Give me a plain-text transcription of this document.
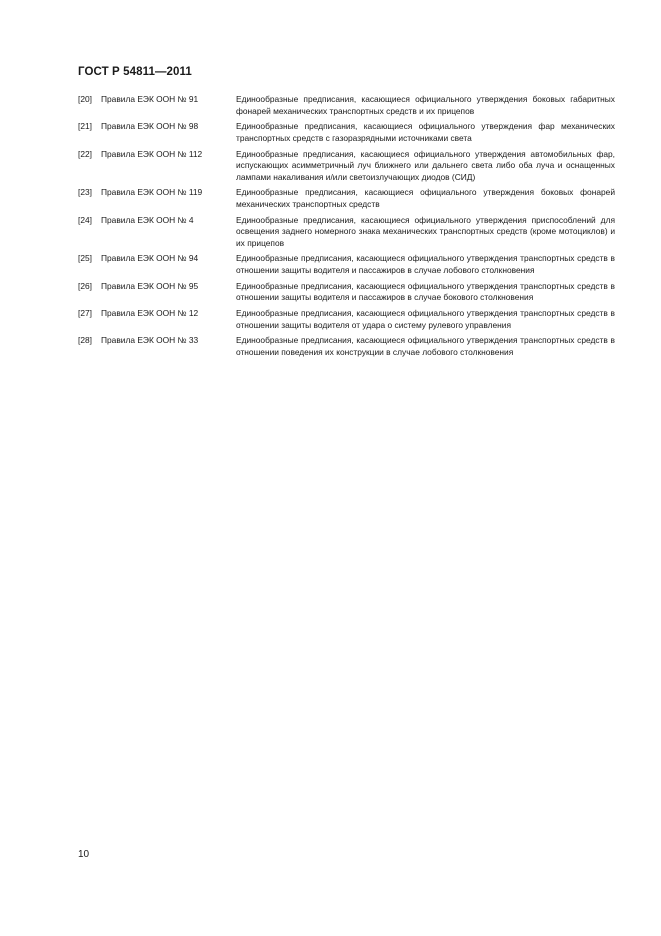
ГОСТ Р 54811—2011
[20]	Правила ЕЭК ООН № 91	Единообразные предписания, касающиеся официального утверждения боковых габаритных фонарей механических транспортных средств и их прицепов
[21]	Правила ЕЭК ООН № 98	Единообразные предписания, касающиеся официального утверждения фар механических транспортных средств с газоразрядными источниками света
[22]	Правила ЕЭК ООН № 112	Единообразные предписания, касающиеся официального утверждения автомобильных фар, испускающих асимметричный луч ближнего или дальнего света либо оба луча и оснащенных лампами накаливания и/или светоизлучающих диодов (СИД)
[23]	Правила ЕЭК ООН № 119	Единообразные предписания, касающиеся официального утверждения боковых фонарей механических транспортных средств
[24]	Правила ЕЭК ООН № 4	Единообразные предписания, касающиеся официального утверждения приспособлений для освещения заднего номерного знака механических транспортных средств (кроме мотоциклов) и их прицепов
[25]	Правила ЕЭК ООН № 94	Единообразные предписания, касающиеся официального утверждения транспортных средств в отношении защиты водителя и пассажиров в случае лобового столкновения
[26]	Правила ЕЭК ООН № 95	Единообразные предписания, касающиеся официального утверждения транспортных средств в отношении защиты водителя и пассажиров в случае бокового столкновения
[27]	Правила ЕЭК ООН № 12	Единообразные предписания, касающиеся официального утверждения транспортных средств в отношении защиты водителя от удара о систему рулевого управления
[28]	Правила ЕЭК ООН № 33	Единообразные предписания, касающиеся официального утверждения транспортных средств в отношении поведения их конструкции в случае лобового столкновения
10
